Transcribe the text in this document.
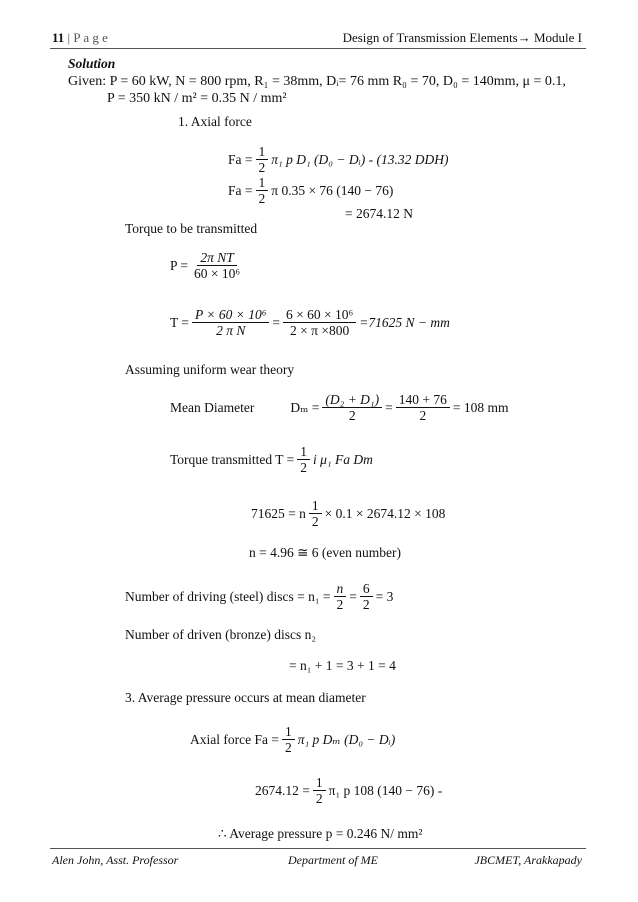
11 | P a g e	Design of Transmission Elements→ Module I
Solution
Given: P = 60 kW, N = 800 rpm, R₁ = 38mm, Dᵢ= 76 mm R₀ = 70, D₀ = 140mm, μ = 0.1,
P = 350 kN / m² = 0.35 N / mm²
1. Axial force
$Fa = \frac{1}{2} \pi_1$ p D₁ (D₀ − Dᵢ) - (13.32 DDH)
$Fa = \frac{1}{2}$ π 0.35 × 76 (140 − 76)
= 2674.12 N
Torque to be transmitted
$P = \frac{\text{2π NT}}{\text{60 × 10⁶}}$
$T = \frac{\text{P × 60 × 10⁶}}{\text{2 π N}} = \frac{\text{6 × 60 × 10⁶}}{2 \times \pi \times 800} =71625$ N − mm
Assuming uniform wear theory
Mean Diameter	$D_m = \frac{\text{(D₂ + D₁)}}{2} = \frac{140 + 76}{2} = 108$ mm
Torque transmitted $T = \frac{1}{2}$ i μ₁ Fa Dm
71625 = n $\frac{1}{2} \times 0.1 \times 2674.12 \times 108$
n = 4.96 ≅ 6 (even number)
Number of driving (steel) discs = $n_1 = \frac{n}{2} = \frac{6}{2} = 3$
Number of driven (bronze) discs n₂
= n₁ + 1 = 3 + 1 = 4
3. Average pressure occurs at mean diameter
Axial force $Fa = \frac{1}{2} \pi_1$ p Dₘ (D₀ − Dᵢ)
$2674.12 = \frac{1}{2} \pi_1$ p 108 (140 − 76) -
∴ Average pressure p = 0.246 N/ mm²
Alen John, Asst. Professor	Department of ME	JBCMET, Arakkapady
